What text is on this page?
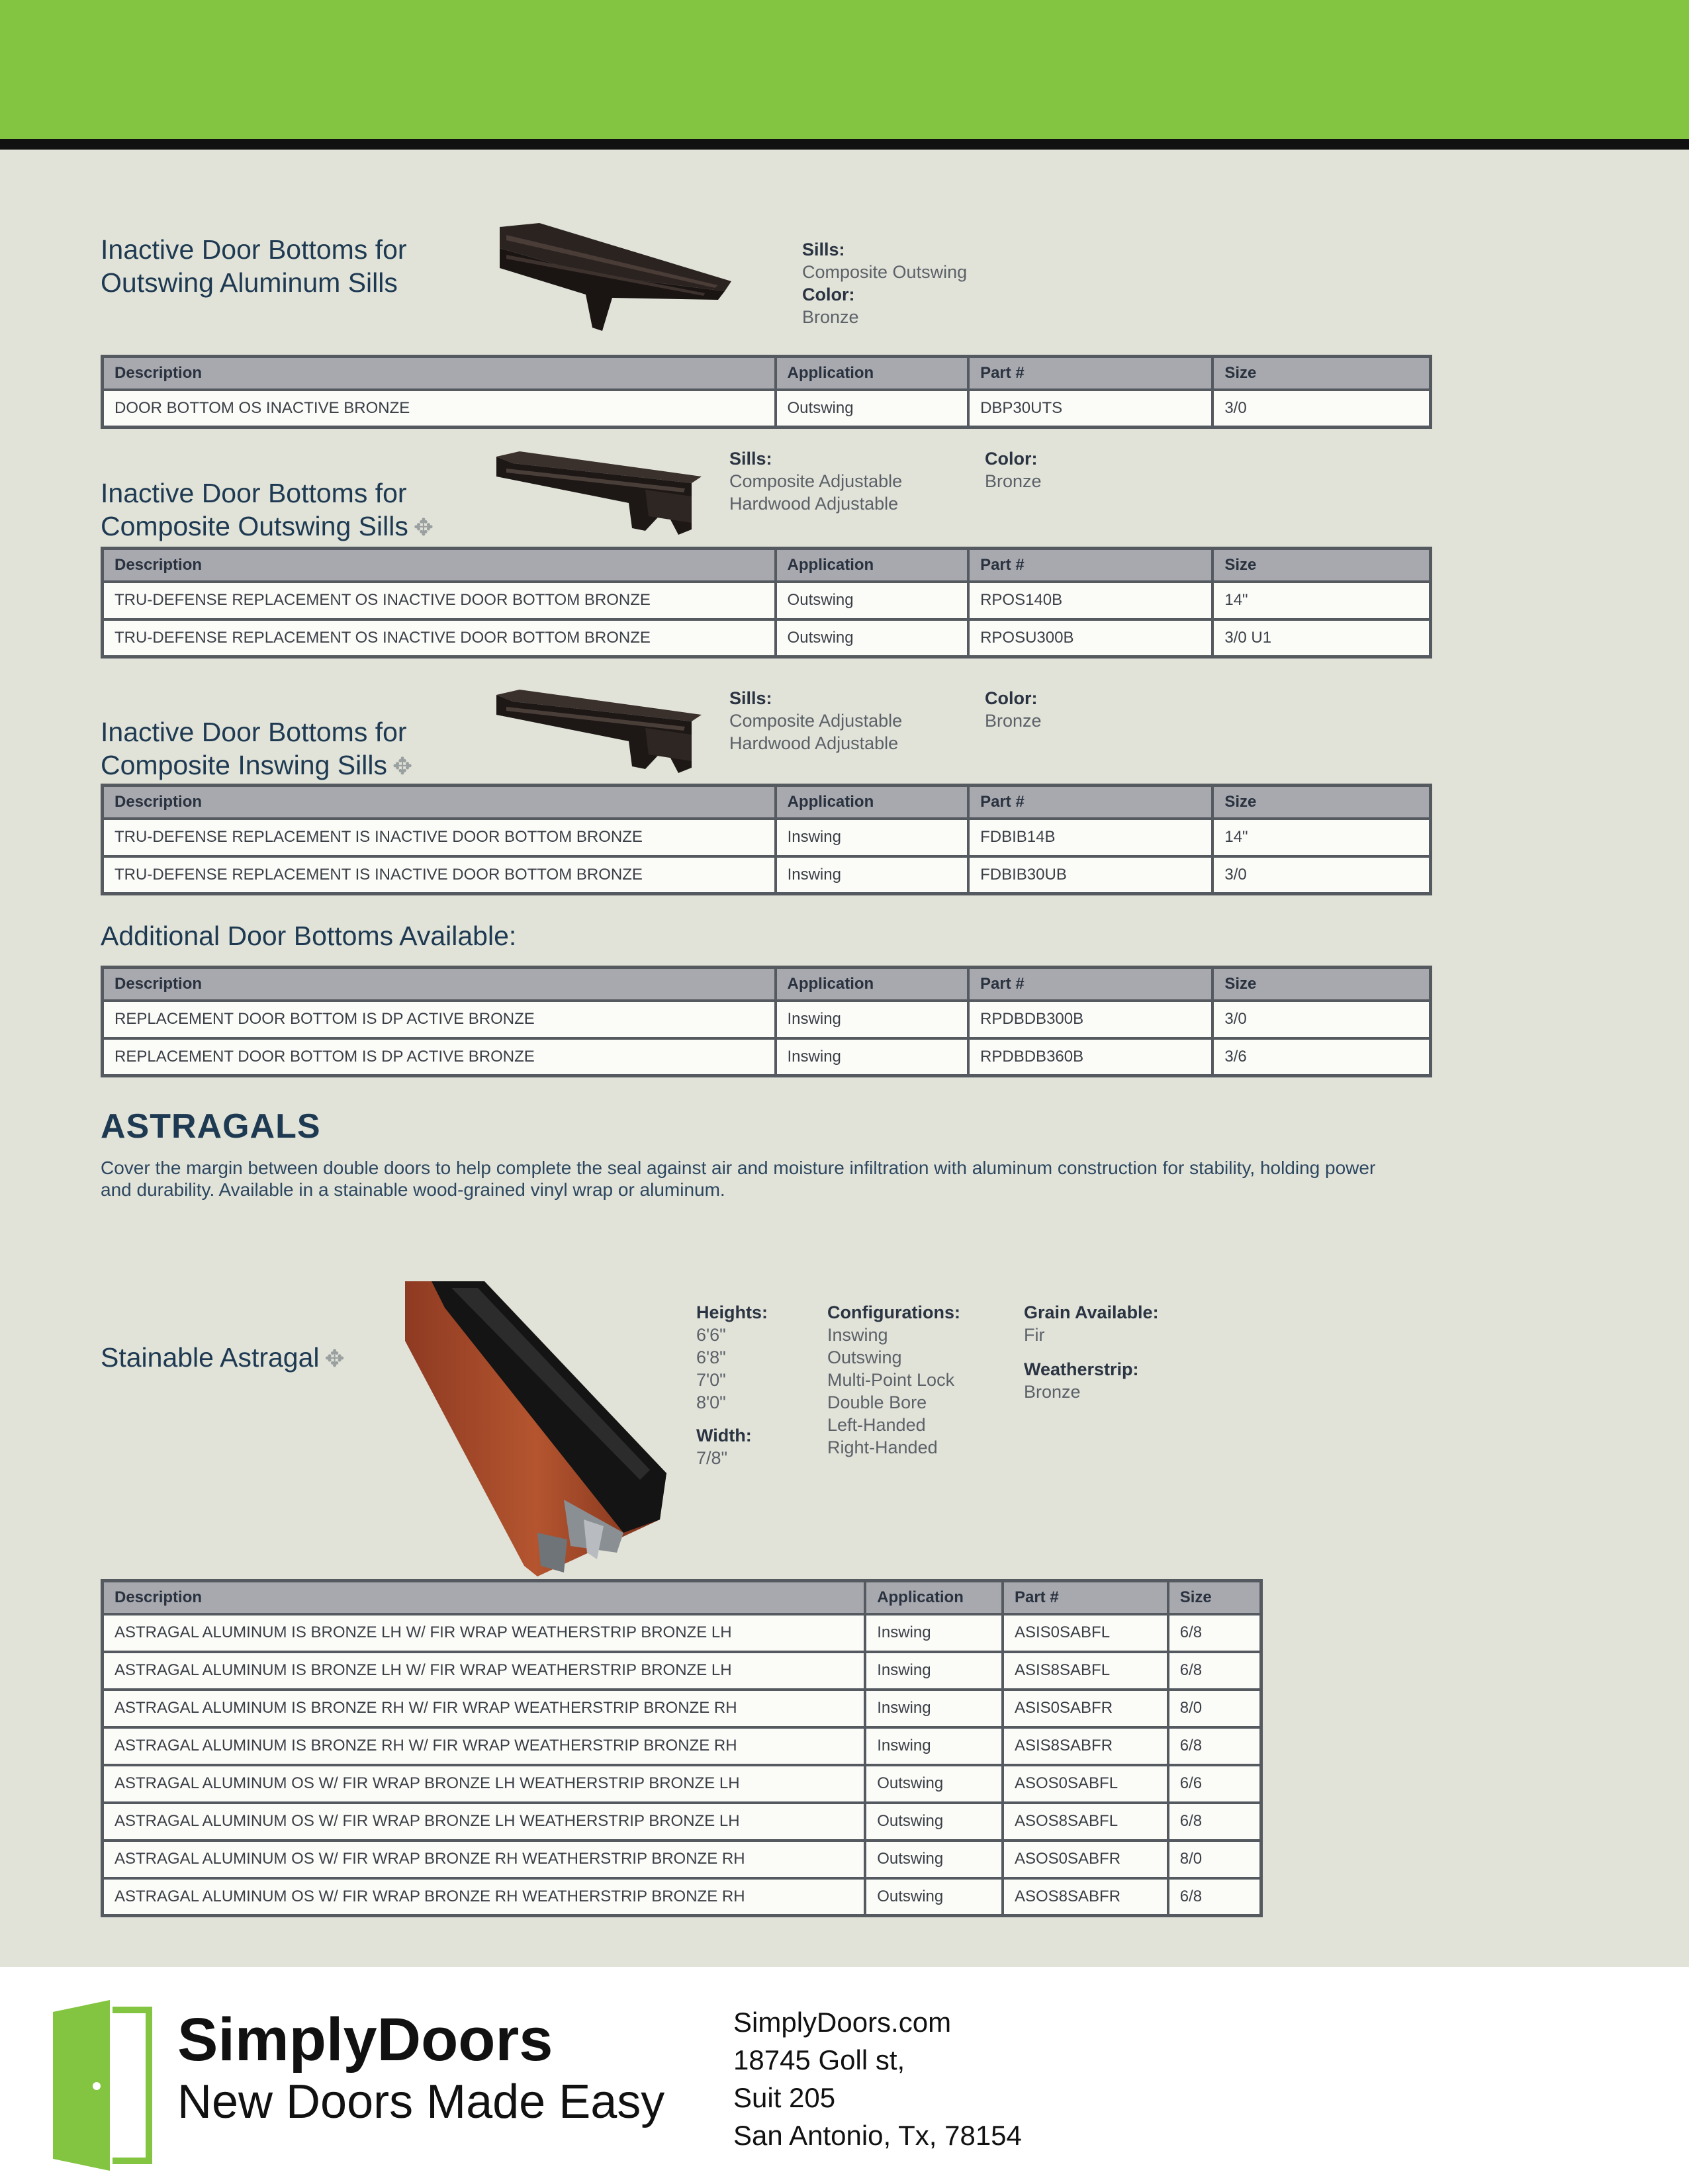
Inactive Door Bottoms for
Outswing Aluminum Sills
Sills:
Composite Outswing
Color:
Bronze
Description	Application	Part #	Size
DOOR BOTTOM OS INACTIVE BRONZE	Outswing	DBP30UTS	3/0

Inactive Door Bottoms for
Composite Outswing Sills ✥

Sills:
Composite Adjustable
Hardwood Adjustable
Color:
Bronze
Description	Application	Part #	Size
TRU-DEFENSE REPLACEMENT OS INACTIVE DOOR BOTTOM BRONZE	Outswing	RPOS140B	14"
TRU-DEFENSE REPLACEMENT OS INACTIVE DOOR BOTTOM BRONZE	Outswing	RPOSU300B	3/0 U1

Inactive Door Bottoms for
Composite Inswing Sills ✥

Sills:
Composite Adjustable
Hardwood Adjustable
Color:
Bronze
Description	Application	Part #	Size
TRU-DEFENSE REPLACEMENT IS INACTIVE DOOR BOTTOM BRONZE	Inswing	FDBIB14B	14"
TRU-DEFENSE REPLACEMENT IS INACTIVE DOOR BOTTOM BRONZE	Inswing	FDBIB30UB	3/0
Additional Door Bottoms Available:
Description	Application	Part #	Size
REPLACEMENT DOOR BOTTOM IS DP ACTIVE BRONZE	Inswing	RPDBDB300B	3/0
REPLACEMENT DOOR BOTTOM IS DP ACTIVE BRONZE	Inswing	RPDBDB360B	3/6
ASTRAGALS
Cover the margin between double doors to help complete the seal against air and moisture infiltration with aluminum construction for stability, holding power and durability. Available in a stainable wood-grained vinyl wrap or aluminum.

Stainable Astragal ✥

Heights:
6'6"
6'8"
7'0"
8'0"
Width:
7/8"
Configurations:
Inswing
Outswing
Multi-Point Lock
Double Bore
Left-Handed
Right-Handed
Grain Available:
Fir
Weatherstrip:
Bronze
Description	Application	Part #	Size
ASTRAGAL ALUMINUM IS BRONZE LH W/ FIR WRAP WEATHERSTRIP BRONZE LH	Inswing	ASIS0SABFL	6/8
ASTRAGAL ALUMINUM IS BRONZE LH W/ FIR WRAP WEATHERSTRIP BRONZE LH	Inswing	ASIS8SABFL	6/8
ASTRAGAL ALUMINUM IS BRONZE RH W/ FIR WRAP WEATHERSTRIP BRONZE RH	Inswing	ASIS0SABFR	8/0
ASTRAGAL ALUMINUM IS BRONZE RH W/ FIR WRAP WEATHERSTRIP BRONZE RH	Inswing	ASIS8SABFR	6/8
ASTRAGAL ALUMINUM OS W/ FIR WRAP BRONZE LH WEATHERSTRIP BRONZE LH	Outswing	ASOS0SABFL	6/6
ASTRAGAL ALUMINUM OS W/ FIR WRAP BRONZE LH WEATHERSTRIP BRONZE LH	Outswing	ASOS8SABFL	6/8
ASTRAGAL ALUMINUM OS W/ FIR WRAP BRONZE RH WEATHERSTRIP BRONZE RH	Outswing	ASOS0SABFR	8/0
ASTRAGAL ALUMINUM OS W/ FIR WRAP BRONZE RH WEATHERSTRIP BRONZE RH	Outswing	ASOS8SABFR	6/8
SimplyDoors
New Doors Made Easy
SimplyDoors.com
18745 Goll st,
Suit 205
San Antonio, Tx, 78154
